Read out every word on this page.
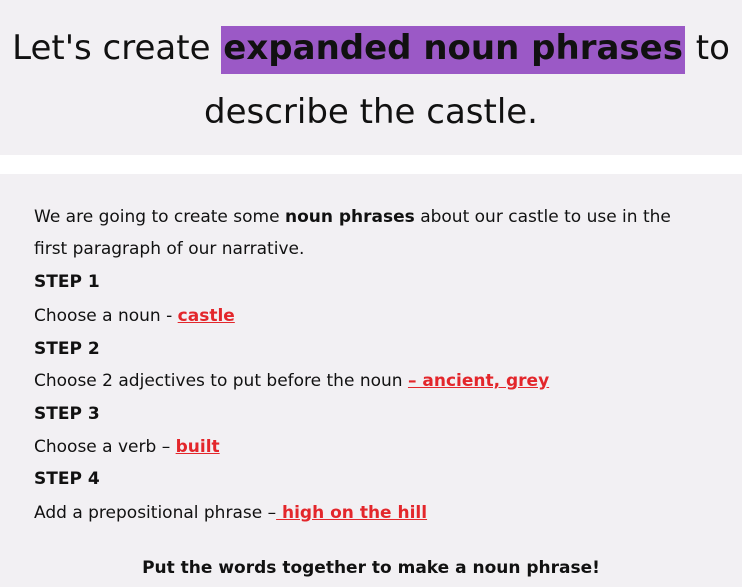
Let's create expanded noun phrases to
describe the castle.
We are going to create some noun phrases about our castle to use in the
first paragraph of our narrative.
STEP 1
Choose a noun - castle
STEP 2
Choose 2 adjectives to put before the noun – ancient, grey
STEP 3
Choose a verb – built
STEP 4
Add a prepositional phrase – high on the hill
Put the words together to make a noun phrase!
